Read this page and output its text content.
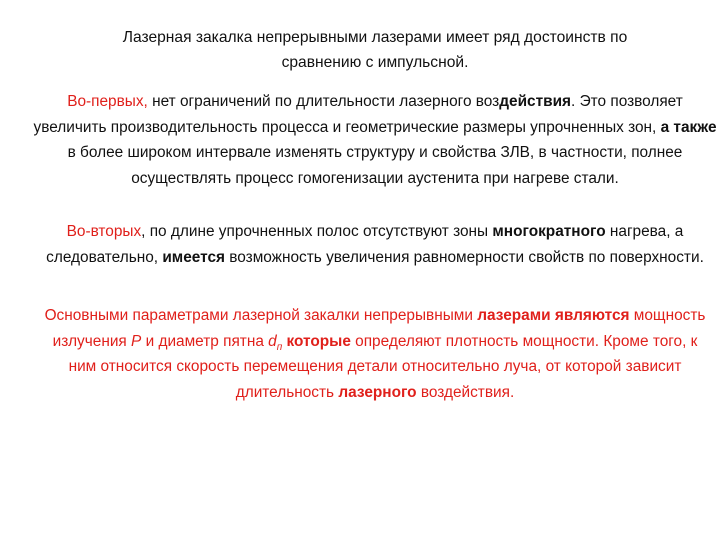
Лазерная закалка непрерывными лазерами имеет ряд достоинств по
сравнению с импульсной.
Во-первых, нет ограничений по длительности лазерного воздействия. Это позволяет увеличить производительность процесса и геометрические размеры упрочненных зон, а также в более широком интервале изменять структуру и свойства ЗЛВ, в частности, полнее осуществлять процесс гомогенизации аустенита при нагреве стали.
Во-вторых, по длине упрочненных полос отсутствуют зоны многократного нагрева, а следовательно, имеется возможность увеличения равномерности свойств по поверхности.
Основными параметрами лазерной закалки непрерывными лазерами являются мощность излучения P и диаметр пятна $d_п$ которые определяют плотность мощности. Кроме того, к ним относится скорость перемещения детали относительно луча, от которой зависит длительность лазерного воздействия.
